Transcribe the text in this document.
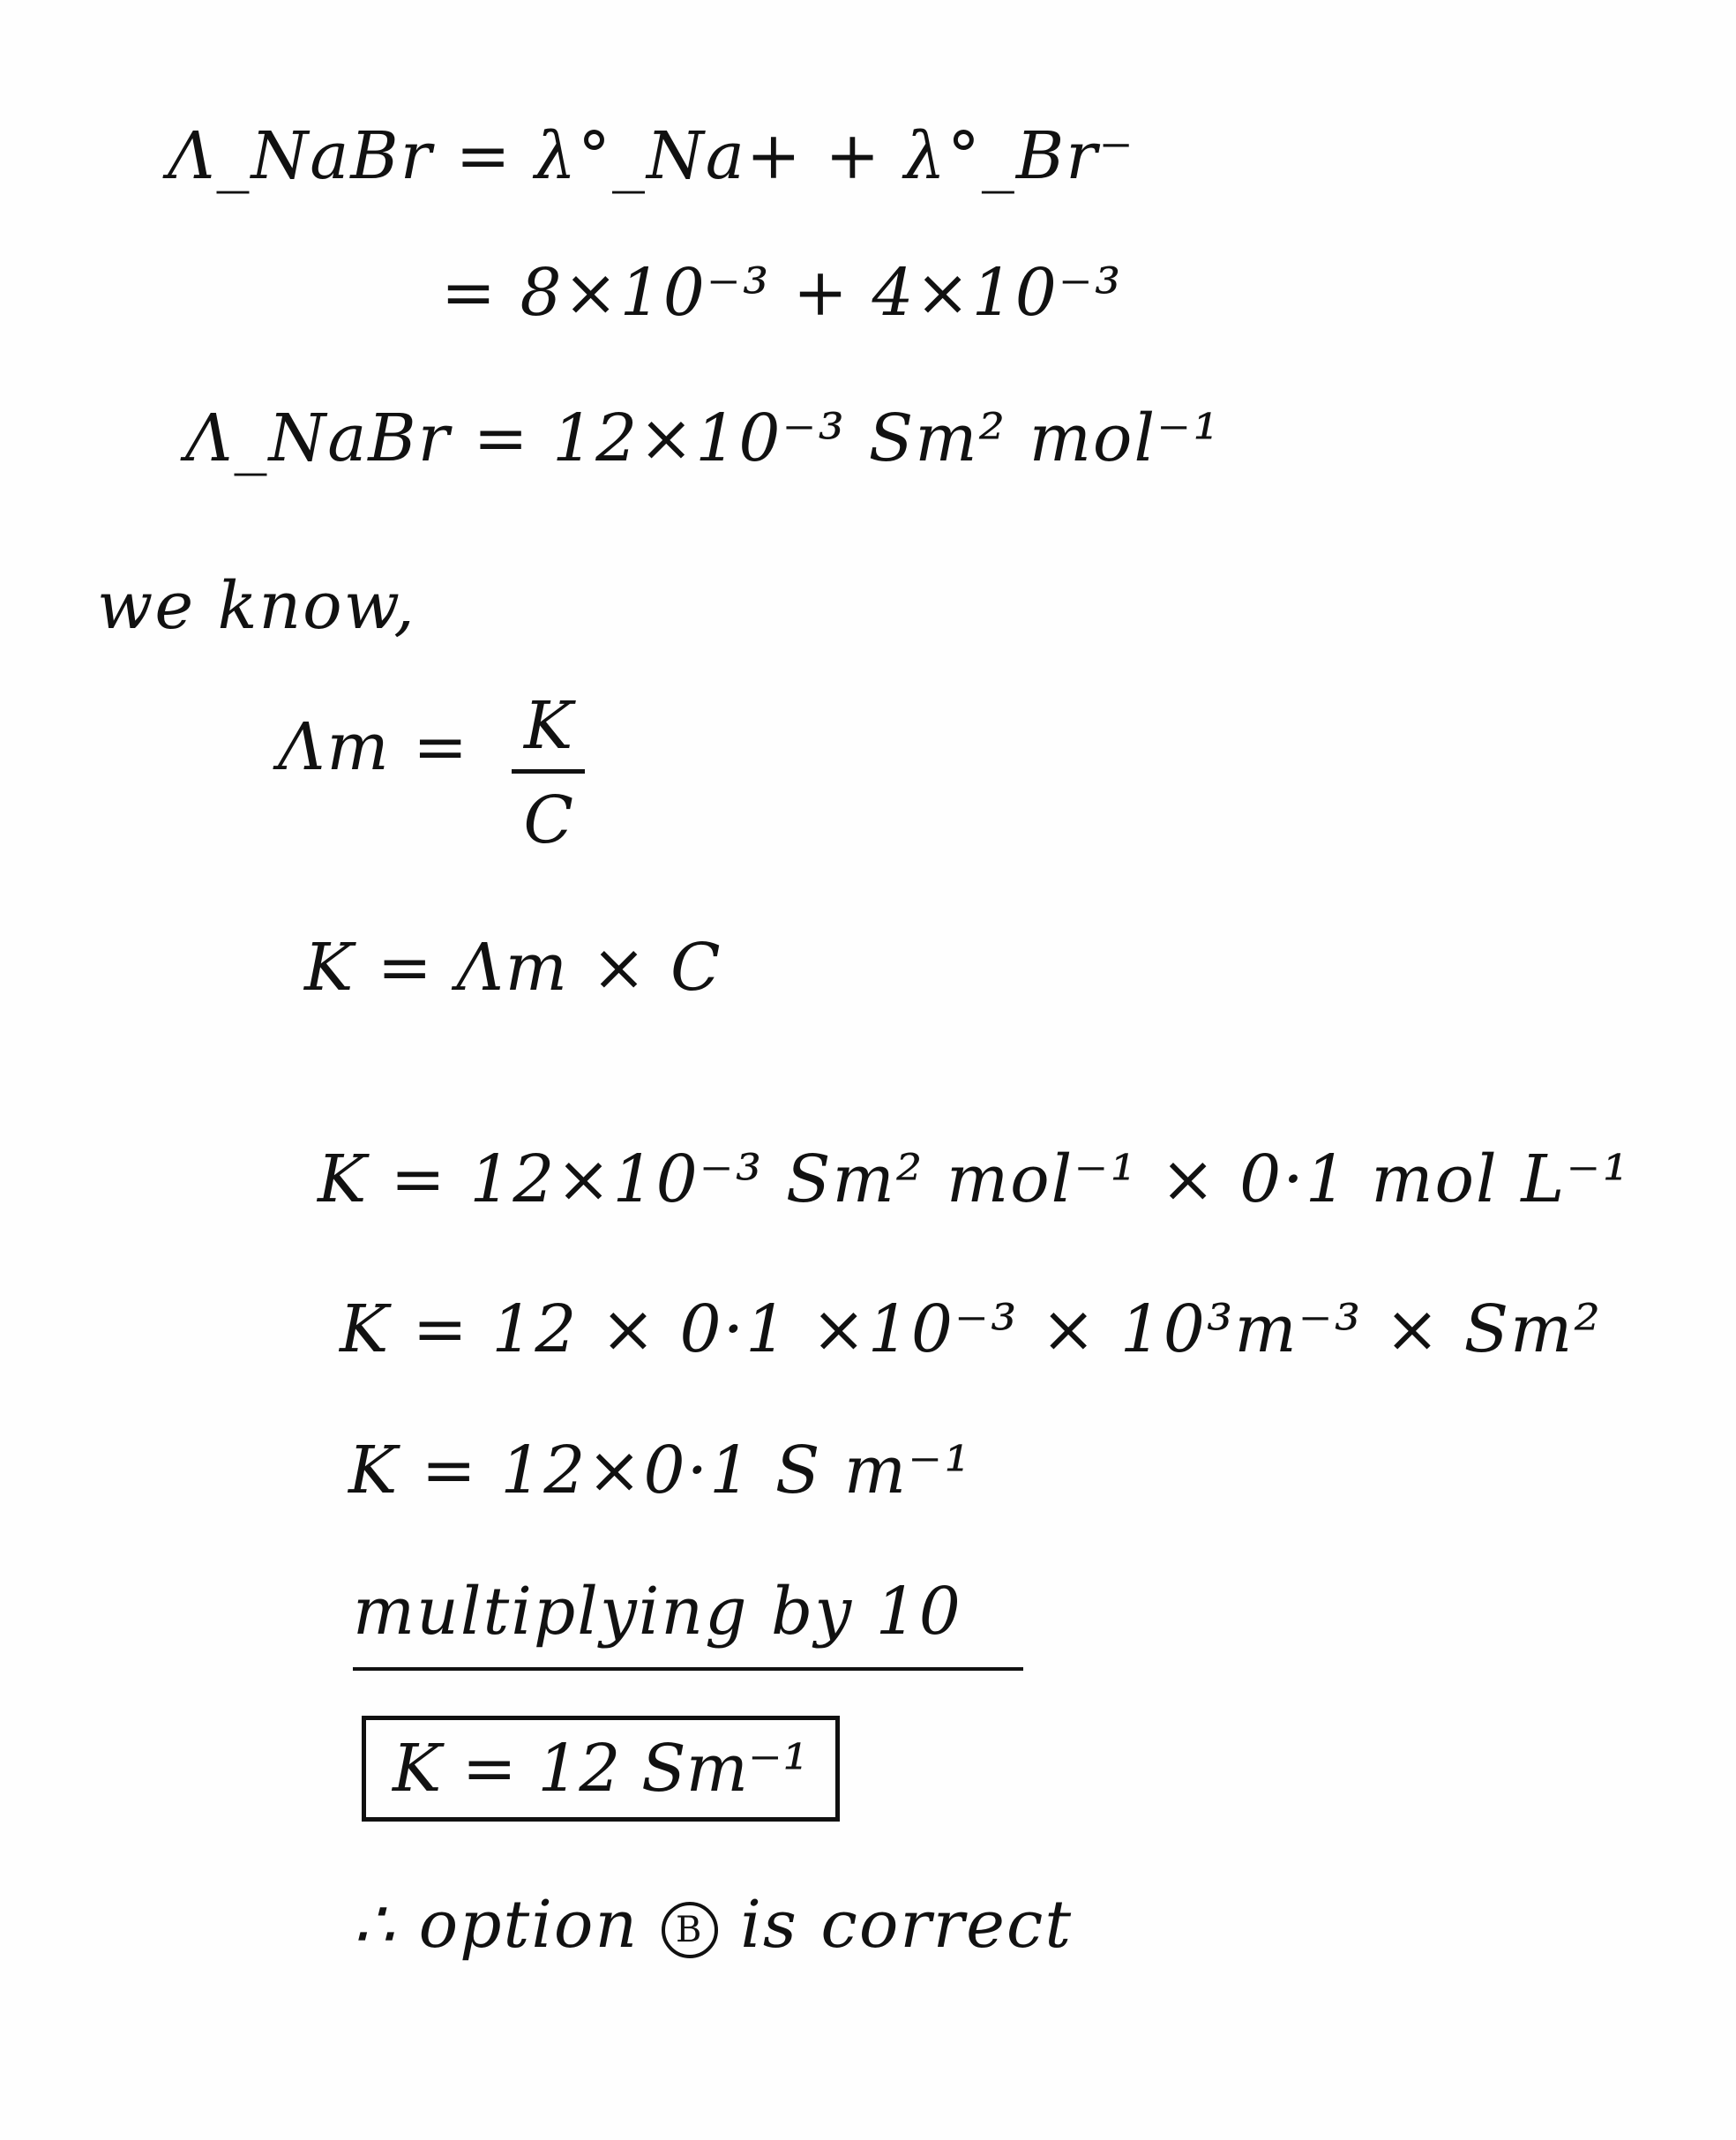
Λ_NaBr = λ°_Na+ + λ°_Br⁻
= 8×10⁻³ + 4×10⁻³
Λ_NaBr = 12×10⁻³ Sm² mol⁻¹
we know,
$\Lambda m = \frac{K}{C}$
K = Λm × C
K = 12×10⁻³ Sm² mol⁻¹ × 0·1 mol L⁻¹
K = 12 × 0·1 ×10⁻³ × 10³m⁻³ × Sm²
K = 12×0·1 S m⁻¹
multiplying by 10
K = 12 Sm⁻¹
∴ option B is correct
